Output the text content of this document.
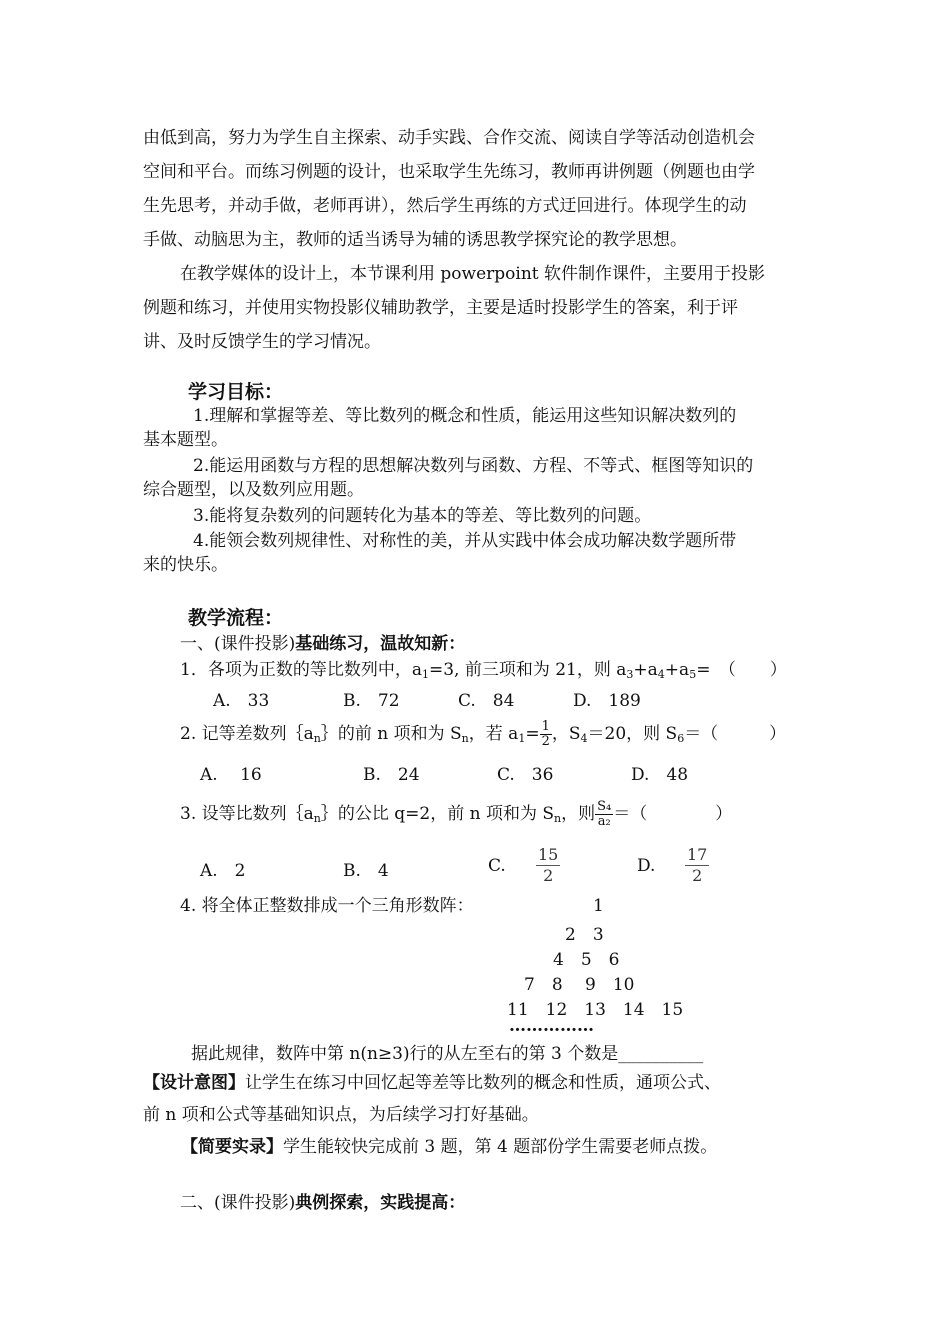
由低到高，努力为学生自主探索、动手实践、合作交流、阅读自学等活动创造机会
空间和平台。而练习例题的设计，也采取学生先练习，教师再讲例题（例题也由学
生先思考，并动手做，老师再讲），然后学生再练的方式迂回进行。体现学生的动
手做、动脑思为主，教师的适当诱导为辅的诱思教学探究论的教学思想。
在教学媒体的设计上，本节课利用 powerpoint 软件制作课件，主要用于投影
例题和练习，并使用实物投影仪辅助教学，主要是适时投影学生的答案，利于评
讲、及时反馈学生的学习情况。
学习目标：
1.理解和掌握等差、等比数列的概念和性质，能运用这些知识解决数列的
基本题型。
2.能运用函数与方程的思想解决数列与函数、方程、不等式、框图等知识的
综合题型，以及数列应用题。
3.能将复杂数列的问题转化为基本的等差、等比数列的问题。
4.能领会数列规律性、对称性的美，并从实践中体会成功解决数学题所带
来的快乐。
教学流程：
一、(课件投影)基础练习，温故知新：
1．各项为正数的等比数列中，$a_1=3$, 前三项和为 21，则 $a_3+a_4+a_5=$　（　　）
A.　33	B.　72	C.　84	D.　189
2. 记等差数列$\{a_n\}$的前 n 项和为 $S_n$，若 $a_1= \frac{1}{2}$ ，$S_4=20$，则 $S_6=$（　　　）
A.　 16	B.　24	C.　36	D.　48
3. 设等比数列$\{a_n\}$的公比 q=2，前 n 项和为 $S_n$，则 $\frac{\text{S₄}}{\text{a₂}}$ ＝（　　　　）
A.　2	B.　4	C. $\frac{15}{2}$	D. $\frac{17}{2}$
4. 将全体正整数排成一个三角形数阵：	1
2　3
4　5　6
7　8　 9　10
11　12　13　14　15
……………
据此规律，数阵中第 n(n≥3)行的从左至右的第 3 个数是__________
【设计意图】让学生在练习中回忆起等差等比数列的概念和性质，通项公式、
前 n 项和公式等基础知识点，为后续学习打好基础。
【简要实录】学生能较快完成前 3 题，第 4 题部份学生需要老师点拨。
二、(课件投影)典例探索，实践提高：
